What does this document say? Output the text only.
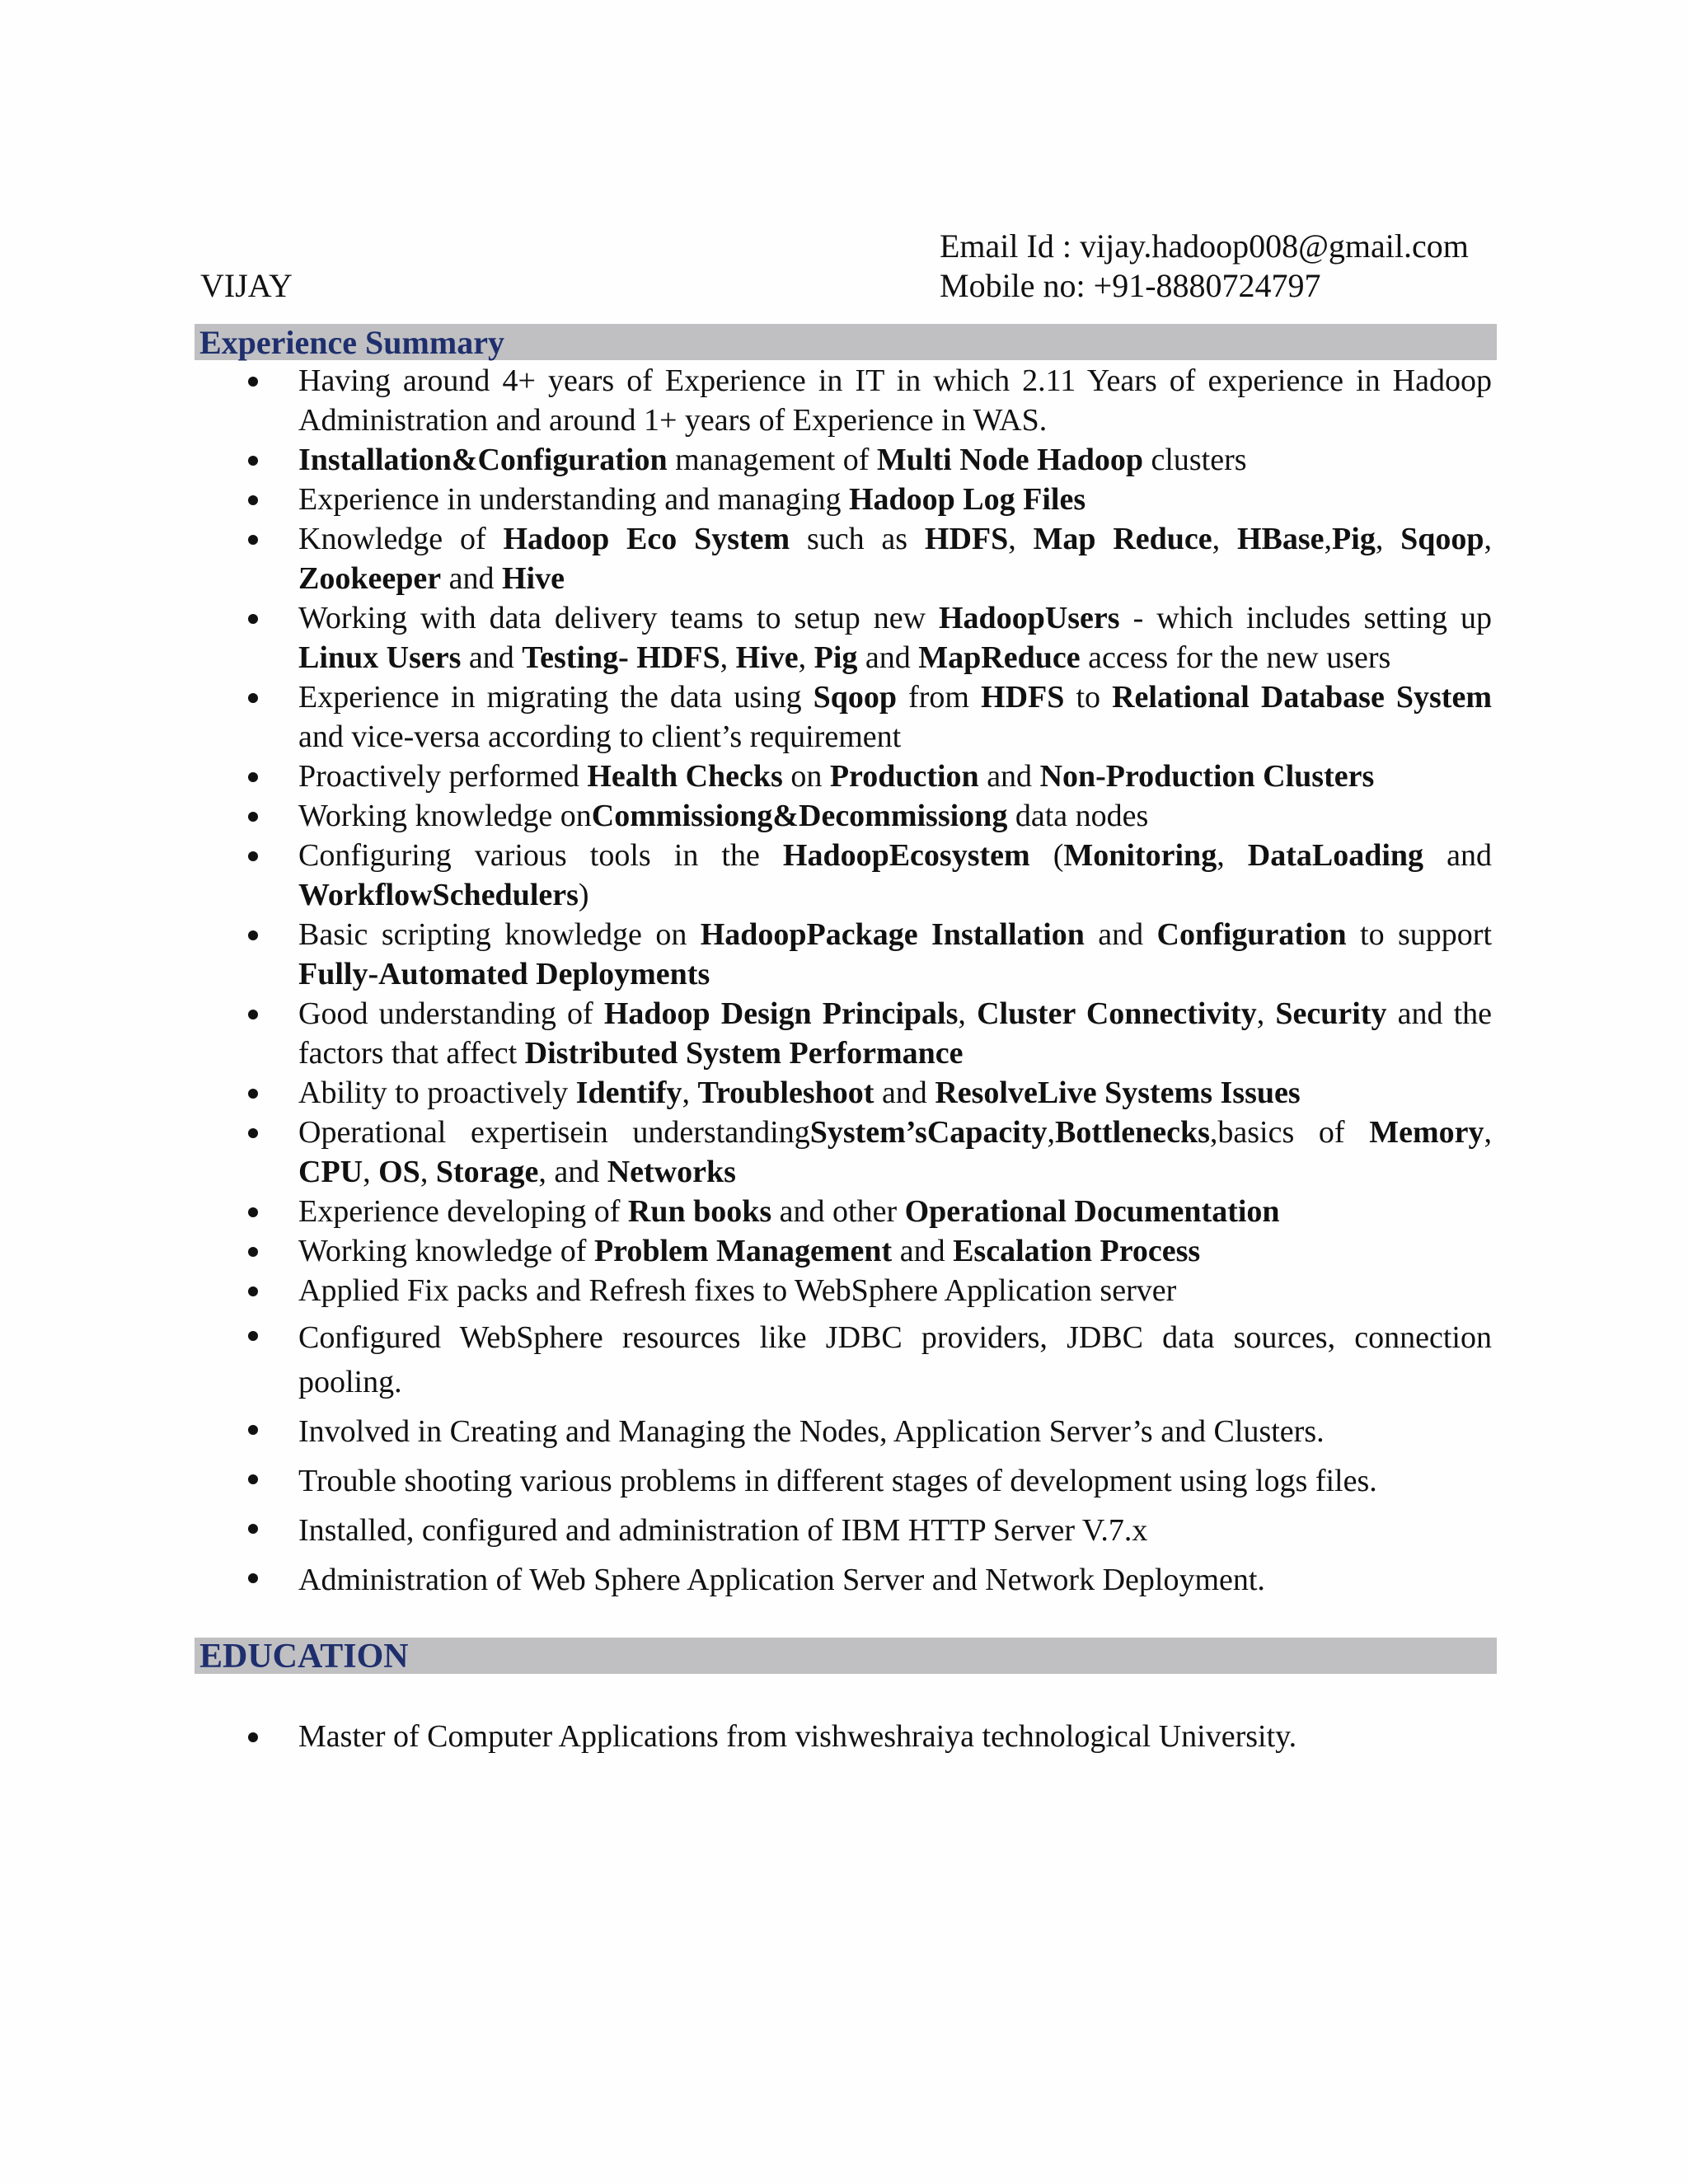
Email Id : vijay.hadoop008@gmail.com
Mobile no: +91-8880724797
VIJAY
Experience Summary
Having around 4+ years of Experience in IT in which 2.11 Years of experience in Hadoop Administration and around 1+ years of Experience in WAS.
Installation&Configuration management of Multi Node Hadoop clusters
Experience in understanding and managing Hadoop Log Files
Knowledge of Hadoop Eco System such as HDFS, Map Reduce, HBase,Pig, Sqoop, Zookeeper and Hive
Working with data delivery teams to setup new HadoopUsers - which includes setting up Linux Users and Testing- HDFS, Hive, Pig and MapReduce access for the new users
Experience in migrating the data using Sqoop from HDFS to Relational Database System and vice-versa according to client’s requirement
Proactively performed Health Checks on Production and Non-Production Clusters
Working knowledge onCommissiong&Decommissiong data nodes
Configuring various tools in the HadoopEcosystem (Monitoring, DataLoading and WorkflowSchedulers)
Basic scripting knowledge on HadoopPackage Installation and Configuration to support Fully-Automated Deployments
Good understanding of Hadoop Design Principals, Cluster Connectivity, Security and the factors that affect Distributed System Performance
Ability to proactively Identify, Troubleshoot and ResolveLive Systems Issues
Operational expertisein understandingSystem’sCapacity,Bottlenecks,basics of Memory, CPU, OS, Storage, and Networks
Experience developing of Run books and other Operational Documentation
Working knowledge of Problem Management and Escalation Process
Applied Fix packs and Refresh fixes to WebSphere Application server
Configured WebSphere resources like JDBC providers, JDBC data sources, connection pooling.
Involved in Creating and Managing the Nodes, Application Server’s and Clusters.
Trouble shooting various problems in different stages of development using logs files.
Installed, configured and administration of IBM HTTP Server V.7.x
Administration of Web Sphere Application Server and Network Deployment.
EDUCATION
Master of Computer Applications from vishweshraiya technological University.
